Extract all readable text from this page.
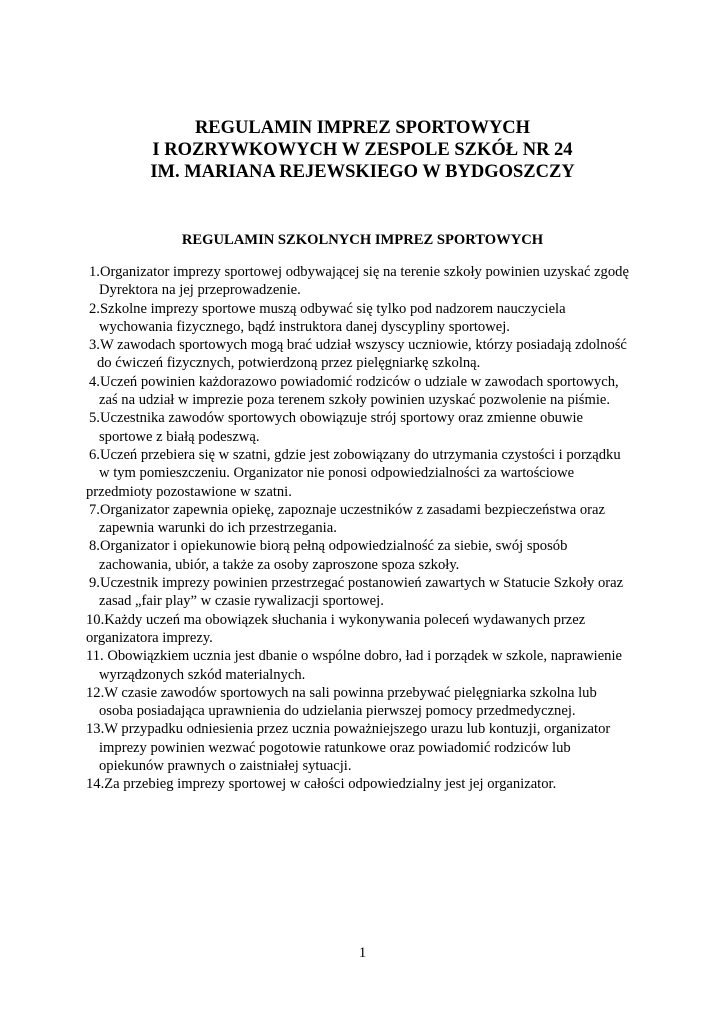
REGULAMIN IMPREZ SPORTOWYCH
I ROZRYWKOWYCH W ZESPOLE SZKÓŁ NR 24
IM. MARIANA REJEWSKIEGO W BYDGOSZCZY
REGULAMIN SZKOLNYCH IMPREZ SPORTOWYCH
1.Organizator imprezy sportowej odbywającej się na terenie szkoły powinien uzyskać zgodę
Dyrektora na jej przeprowadzenie.
2.Szkolne imprezy sportowe muszą odbywać się tylko pod nadzorem nauczyciela
wychowania fizycznego, bądź instruktora danej dyscypliny sportowej.
3.W zawodach sportowych mogą brać udział wszyscy uczniowie, którzy posiadają zdolność
do ćwiczeń fizycznych, potwierdzoną przez pielęgniarkę szkolną.
4.Uczeń powinien każdorazowo powiadomić rodziców o udziale w zawodach sportowych,
zaś na udział w imprezie poza terenem szkoły powinien uzyskać pozwolenie na piśmie.
5.Uczestnika zawodów sportowych obowiązuje strój sportowy oraz zmienne obuwie
sportowe z białą podeszwą.
6.Uczeń przebiera się w szatni, gdzie jest zobowiązany do utrzymania czystości i porządku
w tym pomieszczeniu. Organizator nie ponosi odpowiedzialności za wartościowe
przedmioty pozostawione w szatni.
7.Organizator zapewnia opiekę, zapoznaje uczestników z zasadami bezpieczeństwa oraz
zapewnia warunki do ich przestrzegania.
8.Organizator i opiekunowie biorą pełną odpowiedzialność za siebie, swój sposób
zachowania, ubiór, a także za osoby zaproszone spoza szkoły.
9.Uczestnik imprezy powinien przestrzegać postanowień zawartych w Statucie Szkoły oraz
zasad „fair play” w czasie rywalizacji sportowej.
10.Każdy uczeń ma obowiązek słuchania i wykonywania poleceń wydawanych przez
organizatora imprezy.
11. Obowiązkiem ucznia jest dbanie o wspólne dobro, ład i porządek w szkole, naprawienie
wyrządzonych szkód materialnych.
12.W czasie zawodów sportowych na sali powinna przebywać pielęgniarka szkolna lub
osoba posiadająca uprawnienia do udzielania pierwszej pomocy przedmedycznej.
13.W przypadku odniesienia przez ucznia poważniejszego urazu lub kontuzji, organizator
imprezy powinien wezwać pogotowie ratunkowe oraz powiadomić rodziców lub
opiekunów prawnych o zaistniałej sytuacji.
14.Za przebieg imprezy sportowej w całości odpowiedzialny jest jej organizator.
1
